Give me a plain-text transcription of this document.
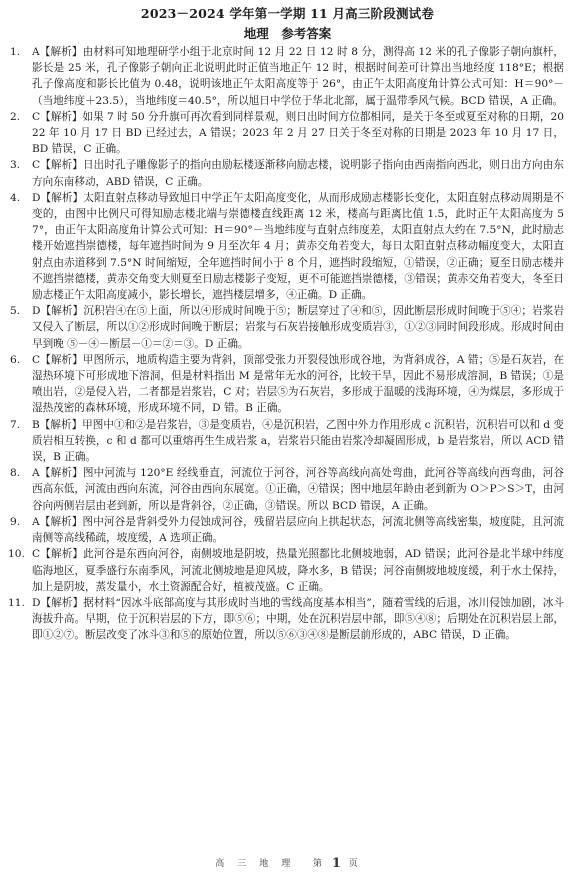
2023－2024 学年第一学期 11 月高三阶段测试卷
地理　参考答案
1.	A【解析】由材料可知地理研学小组于北京时间 12 月 22 日 12 时 8 分，测得高 12 米的孔子像影子朝向旗杆，影长是 25 米，孔子像影子朝向正北说明此时正值当地正午 12 时，根据时间差可计算出当地经度 118°E；根据孔子像高度和影长比值为 0.48，说明该地正午太阳高度等于 26°，由正午太阳高度角计算公式可知：H＝90°－（当地纬度＋23.5），当地纬度＝40.5°，所以旭日中学位于华北北部，属于温带季风气候。BCD 错误，A 正确。
2.	C【解析】如果 7 时 50 分升旗可再次看到同样景观，则日出时间方位都相同，是关于冬至或夏至对称的日期，2022 年 10 月 17 日 BD 已经过去，A 错误；2023 年 2 月 27 日关于冬至对称的日期是 2023 年 10 月 17 日，BD 错误，C 正确。
3.	C【解析】日出时孔子雕像影子的指向由励耘楼逐渐移向励志楼，说明影子指向由西南指向西北，则日出方向由东方向东南移动，ABD 错误，C 正确。
4.	D【解析】太阳直射点移动导致旭日中学正午太阳高度变化，从而形成励志楼影长变化，太阳直射点移动周期是不变的，由图中比例尺可得知励志楼北端与崇德楼直线距离 12 米，楼高与距离比值 1.5，此时正午太阳高度为 57°，由正午太阳高度角计算公式可知：H＝90°－当地纬度与直射点纬度差，太阳直射点大约在 7.5°N，此时励志楼开始遮挡崇德楼，每年遮挡时间为 9 月至次年 4 月；黄赤交角若变大，每日太阳直射点移动幅度变大，太阳直射点由赤道移到 7.5°N 时间缩短，全年遮挡时间小于 8 个月，遮挡时段缩短，①错误，②正确；夏至日励志楼并不遮挡崇德楼，黄赤交角变大则夏至日励志楼影子变短，更不可能遮挡崇德楼，③错误；黄赤交角若变大，冬至日励志楼正午太阳高度减小，影长增长，遮挡楼层增多，④正确。D 正确。
5.	D【解析】沉积岩④在⑤上面，所以④形成时间晚于⑤；断层穿过了④和⑤，因此断层形成时间晚于⑤④；岩浆岩又侵入了断层，所以①②形成时间晚于断层；岩浆与石灰岩接触形成变质岩③，①②③同时间段形成。形成时间由早到晚 ⑤－④－断层－①＝②＝③。D 正确。
6.	C【解析】甲图所示，地质构造主要为背斜，顶部受张力开裂侵蚀形成谷地，为背斜成谷，A 错；⑤是石灰岩，在湿热环境下可形成地下溶洞，但是材料指出 M 是常年无水的河谷，比较干旱，因此不易形成溶洞，B 错误；①是喷出岩，②是侵入岩，二者都是岩浆岩，C 对；岩层⑤为石灰岩，多形成于温暖的浅海环境，④为煤层，多形成于湿热茂密的森林环境，形成环境不同，D 错。B 正确。
7.	B【解析】甲图中①和②是岩浆岩，③是变质岩，④是沉积岩，乙图中外力作用形成 c 沉积岩，沉积岩可以和 d 变质岩相互转换，c 和 d 都可以重熔再生生成岩浆 a，岩浆岩只能由岩浆冷却凝固形成，b 是岩浆岩，所以 ACD 错误，B 正确。
8.	A【解析】图中河流与 120°E 经线垂直，河流位于河谷，河谷等高线向高处弯曲，此河谷等高线向西弯曲，河谷西高东低，河流由西向东流，河谷由西向东展宽。①正确，④错误；图中地层年龄由老到新为 O＞P＞S＞T，由河谷向两侧岩层由老到新，所以是背斜谷，②正确，③错误。所以 BCD 错误，A 正确。
9.	A【解析】图中河谷是背斜受外力侵蚀成河谷，残留岩层应向上拱起状态，河流北侧等高线密集，坡度陡，且河流南侧等高线稀疏，坡度缓，A 选项正确。
10. C【解析】此河谷是东西向河谷，南侧坡地是阴坡，热量光照都比北侧坡地弱，AD 错误；此河谷是北半球中纬度临海地区，夏季盛行东南季风，河流北侧坡地是迎风坡，降水多，B 错误；河谷南侧坡地坡度缓，利于水土保持，加上是阴坡，蒸发量小，水土资源配合好，植被茂盛。C 正确。
11. D【解析】据材料“因冰斗底部高度与其形成时当地的雪线高度基本相当”，随着雪线的后退，冰川侵蚀加剧，冰斗海拔升高。早期，位于沉积岩层的下方，即⑤⑥；中期，处在沉积岩层中部，即⑤④⑧；后期处在沉积岩层上部，即①②⑦。断层改变了冰斗③和⑤的原始位置，所以⑤⑥③④⑧是断层前形成的，ABC 错误，D 正确。
高　三　地　理 　 第 1 页
